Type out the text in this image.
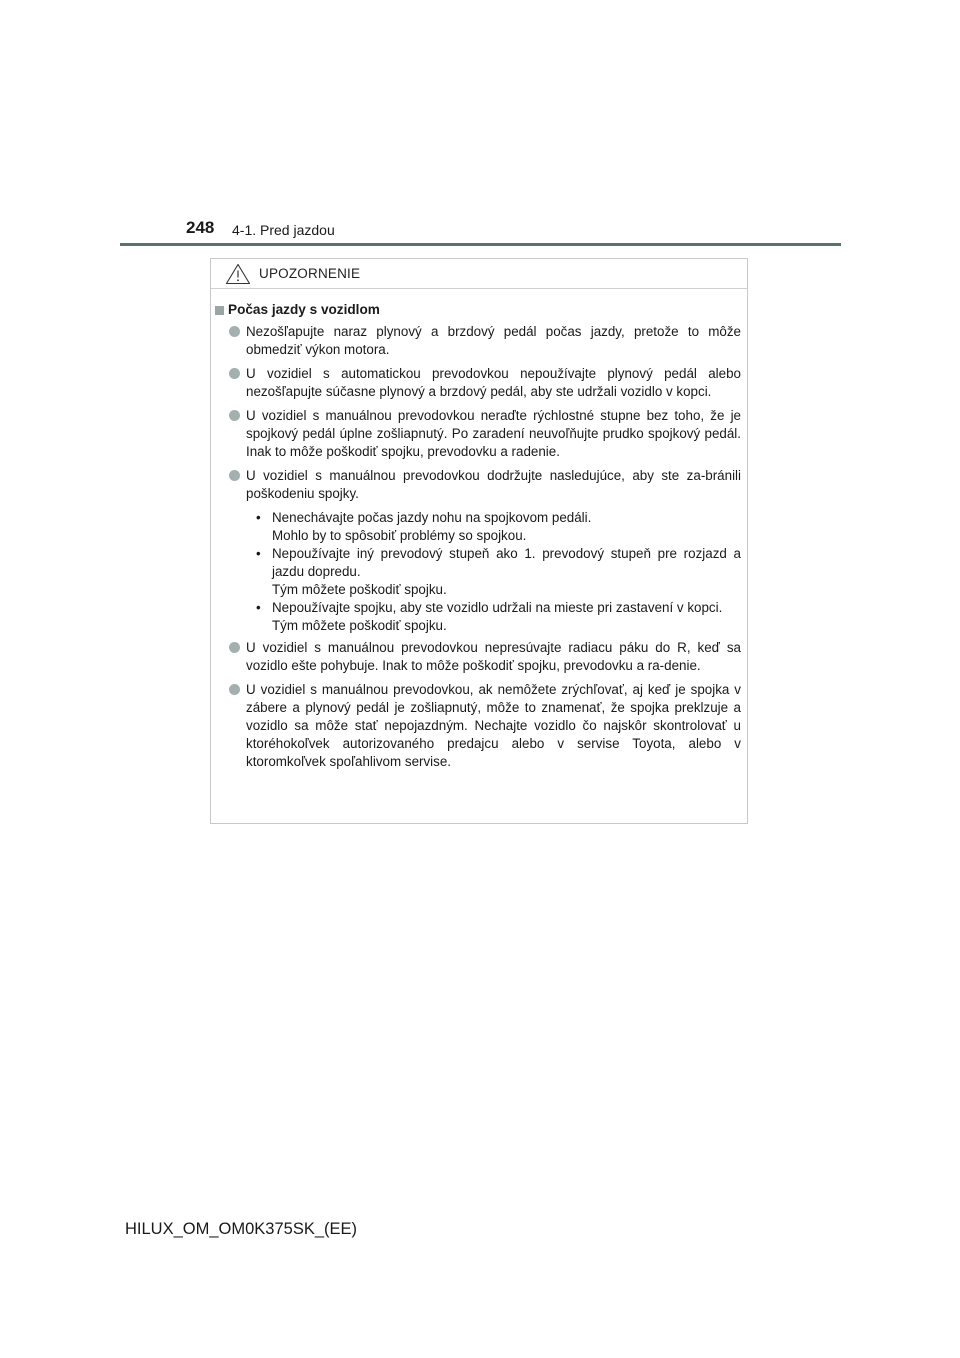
248 4-1. Pred jazdou
UPOZORNENIE
Počas jazdy s vozidlom
Nezošľapujte naraz plynový a brzdový pedál počas jazdy, pretože to môže obmedziť výkon motora.
U vozidiel s automatickou prevodovkou nepoužívajte plynový pedál alebo nezošľapujte súčasne plynový a brzdový pedál, aby ste udržali vozidlo v kopci.
U vozidiel s manuálnou prevodovkou neraďte rýchlostné stupne bez toho, že je spojkový pedál úplne zošliapnutý. Po zaradení neuvoľňujte prudko spojkový pedál. Inak to môže poškodiť spojku, prevodovku a radenie.
U vozidiel s manuálnou prevodovkou dodržujte nasledujúce, aby ste za-bránili poškodeniu spojky.
• Nenechávajte počas jazdy nohu na spojkovom pedáli.
Mohlo by to spôsobiť problémy so spojkou.
• Nepoužívajte iný prevodový stupeň ako 1. prevodový stupeň pre rozjazd a jazdu dopredu.
Tým môžete poškodiť spojku.
• Nepoužívajte spojku, aby ste vozidlo udržali na mieste pri zastavení v kopci.
Tým môžete poškodiť spojku.
U vozidiel s manuálnou prevodovkou nepresúvajte radiacu páku do R, keď sa vozidlo ešte pohybuje. Inak to môže poškodiť spojku, prevodovku a ra-denie.
U vozidiel s manuálnou prevodovkou, ak nemôžete zrýchľovať, aj keď je spojka v zábere a plynový pedál je zošliapnutý, môže to znamenať, že spojka preklzuje a vozidlo sa môže stať nepojazdným. Nechajte vozidlo čo najskôr skontrolovať u ktoréhokoľvek autorizovaného predajcu alebo v servise Toyota, alebo v ktoromkoľvek spoľahlivom servise.
HILUX_OM_OM0K375SK_(EE)
